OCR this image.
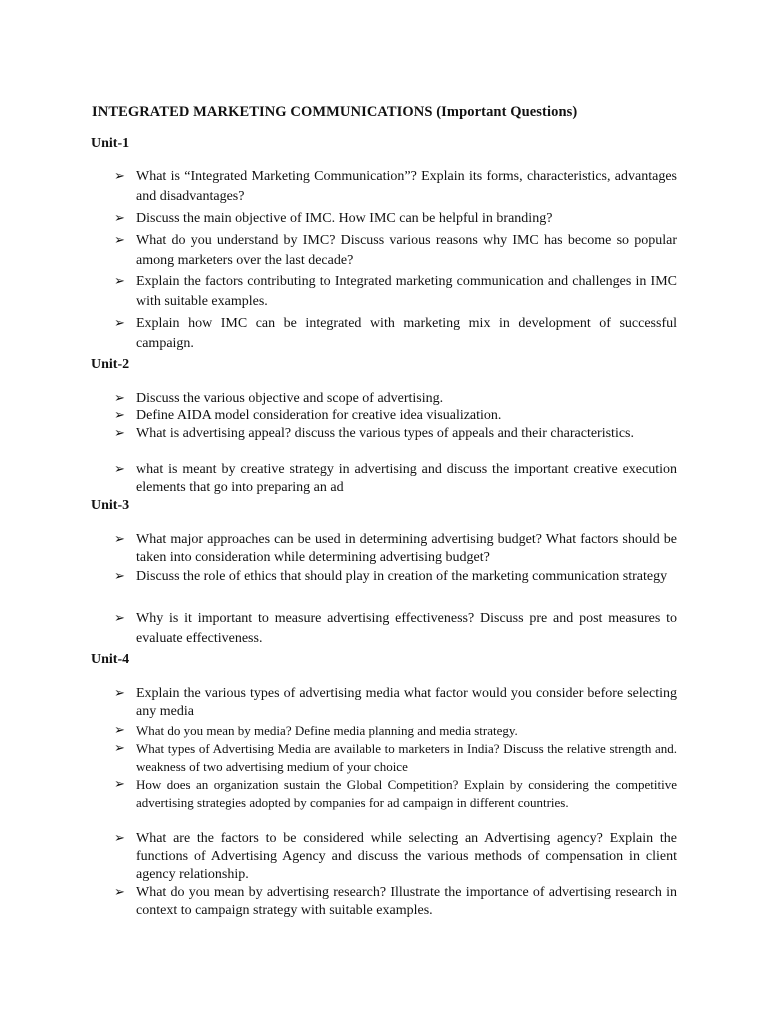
INTEGRATED MARKETING COMMUNICATIONS (Important Questions)
Unit-1
➢ What is “Integrated Marketing Communication”? Explain its forms, characteristics, advantages and disadvantages?
➢ Discuss the main objective of IMC. How IMC can be helpful in branding?
➢ What do you understand by IMC? Discuss various reasons why IMC has become so popular among marketers over the last decade?
➢ Explain the factors contributing to Integrated marketing communication and challenges in IMC with suitable examples.
➢ Explain how IMC can be integrated with marketing mix in development of successful campaign.
Unit-2
➢ Discuss the various objective and scope of advertising.
➢ Define AIDA model consideration for creative idea visualization.
➢ What is advertising appeal? discuss the various types of appeals and their characteristics.
➢ what is meant by creative strategy in advertising and discuss the important creative execution elements that go into preparing an ad
Unit-3
➢ What major approaches can be used in determining advertising budget? What factors should be taken into consideration while determining advertising budget?
➢ Discuss the role of ethics that should play in creation of the marketing communication strategy
➢ Why is it important to measure advertising effectiveness? Discuss pre and post measures to evaluate effectiveness.
Unit-4
➢ Explain the various types of advertising media what factor would you consider before selecting any media
➢ What do you mean by media? Define media planning and media strategy.
➢ What types of Advertising Media are available to marketers in India? Discuss the relative strength and. weakness of two advertising medium of your choice
➢ How does an organization sustain the Global Competition? Explain by considering the competitive advertising strategies adopted by companies for ad campaign in different countries.
➢ What are the factors to be considered while selecting an Advertising agency? Explain the functions of Advertising Agency and discuss the various methods of compensation in client agency relationship.
➢ What do you mean by advertising research? Illustrate the importance of advertising research in context to campaign strategy with suitable examples.
